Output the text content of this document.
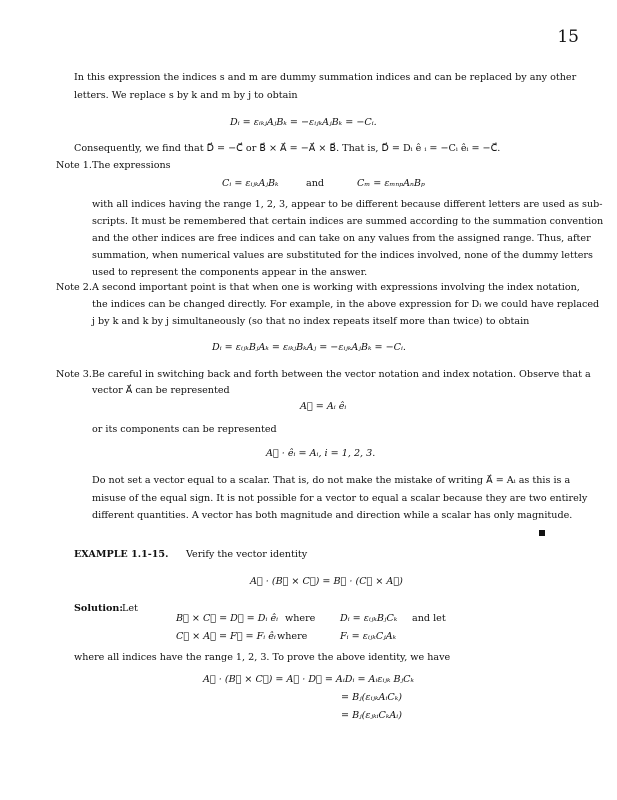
15
In this expression the indices s and m are dummy summation indices and can be replaced by any other
letters. We replace s by k and m by j to obtain
Dᵢ = εᵢₖⱼAⱼBₖ = −εᵢⱼₖAⱼBₖ = −Cᵢ.
Consequently, we find that D⃗ = −C⃗ or B⃗ × A⃗ = −A⃗ × B⃗. That is, D⃗ = Dᵢ ê ᵢ = −Cᵢ êᵢ = −C⃗.
Note 1. The expressions
Cᵢ = εᵢⱼₖAⱼBₖ	and	Cₘ = εₘₙₚAₙBₚ
with all indices having the range 1, 2, 3, appear to be different because different letters are used as sub-
scripts. It must be remembered that certain indices are summed according to the summation convention
and the other indices are free indices and can take on any values from the assigned range. Thus, after
summation, when numerical values are substituted for the indices involved, none of the dummy letters
used to represent the components appear in the answer.
Note 2. A second important point is that when one is working with expressions involving the index notation,
the indices can be changed directly. For example, in the above expression for Dᵢ we could have replaced
j by k and k by j simultaneously (so that no index repeats itself more than twice) to obtain
Dᵢ = εᵢⱼₖBⱼAₖ = εᵢₖⱼBₖAⱼ = −εᵢⱼₖAⱼBₖ = −Cᵢ.
Note 3. Be careful in switching back and forth between the vector notation and index notation. Observe that a
vector A⃗ can be represented
A⃗ = Aᵢ êᵢ
or its components can be represented
A⃗ · êᵢ = Aᵢ, i = 1, 2, 3.
Do not set a vector equal to a scalar. That is, do not make the mistake of writing A⃗ = Aᵢ as this is a
misuse of the equal sign. It is not possible for a vector to equal a scalar because they are two entirely
different quantities. A vector has both magnitude and direction while a scalar has only magnitude.
EXAMPLE 1.1-15. Verify the vector identity
A⃗ · (B⃗ × C⃗) = B⃗ · (C⃗ × A⃗)
Solution: Let
B⃗ × C⃗ = D⃗ = Dᵢ êᵢ where	Dᵢ = εᵢⱼₖBⱼCₖ and let
C⃗ × A⃗ = F⃗ = Fᵢ êᵢ where	Fᵢ = εᵢⱼₖCⱼAₖ
where all indices have the range 1, 2, 3. To prove the above identity, we have
A⃗ · (B⃗ × C⃗) = A⃗ · D⃗ = AᵢDᵢ = Aᵢεᵢⱼₖ BⱼCₖ
= Bⱼ(εᵢⱼₖAᵢCₖ)
= Bⱼ(εⱼₖᵢCₖAᵢ)
